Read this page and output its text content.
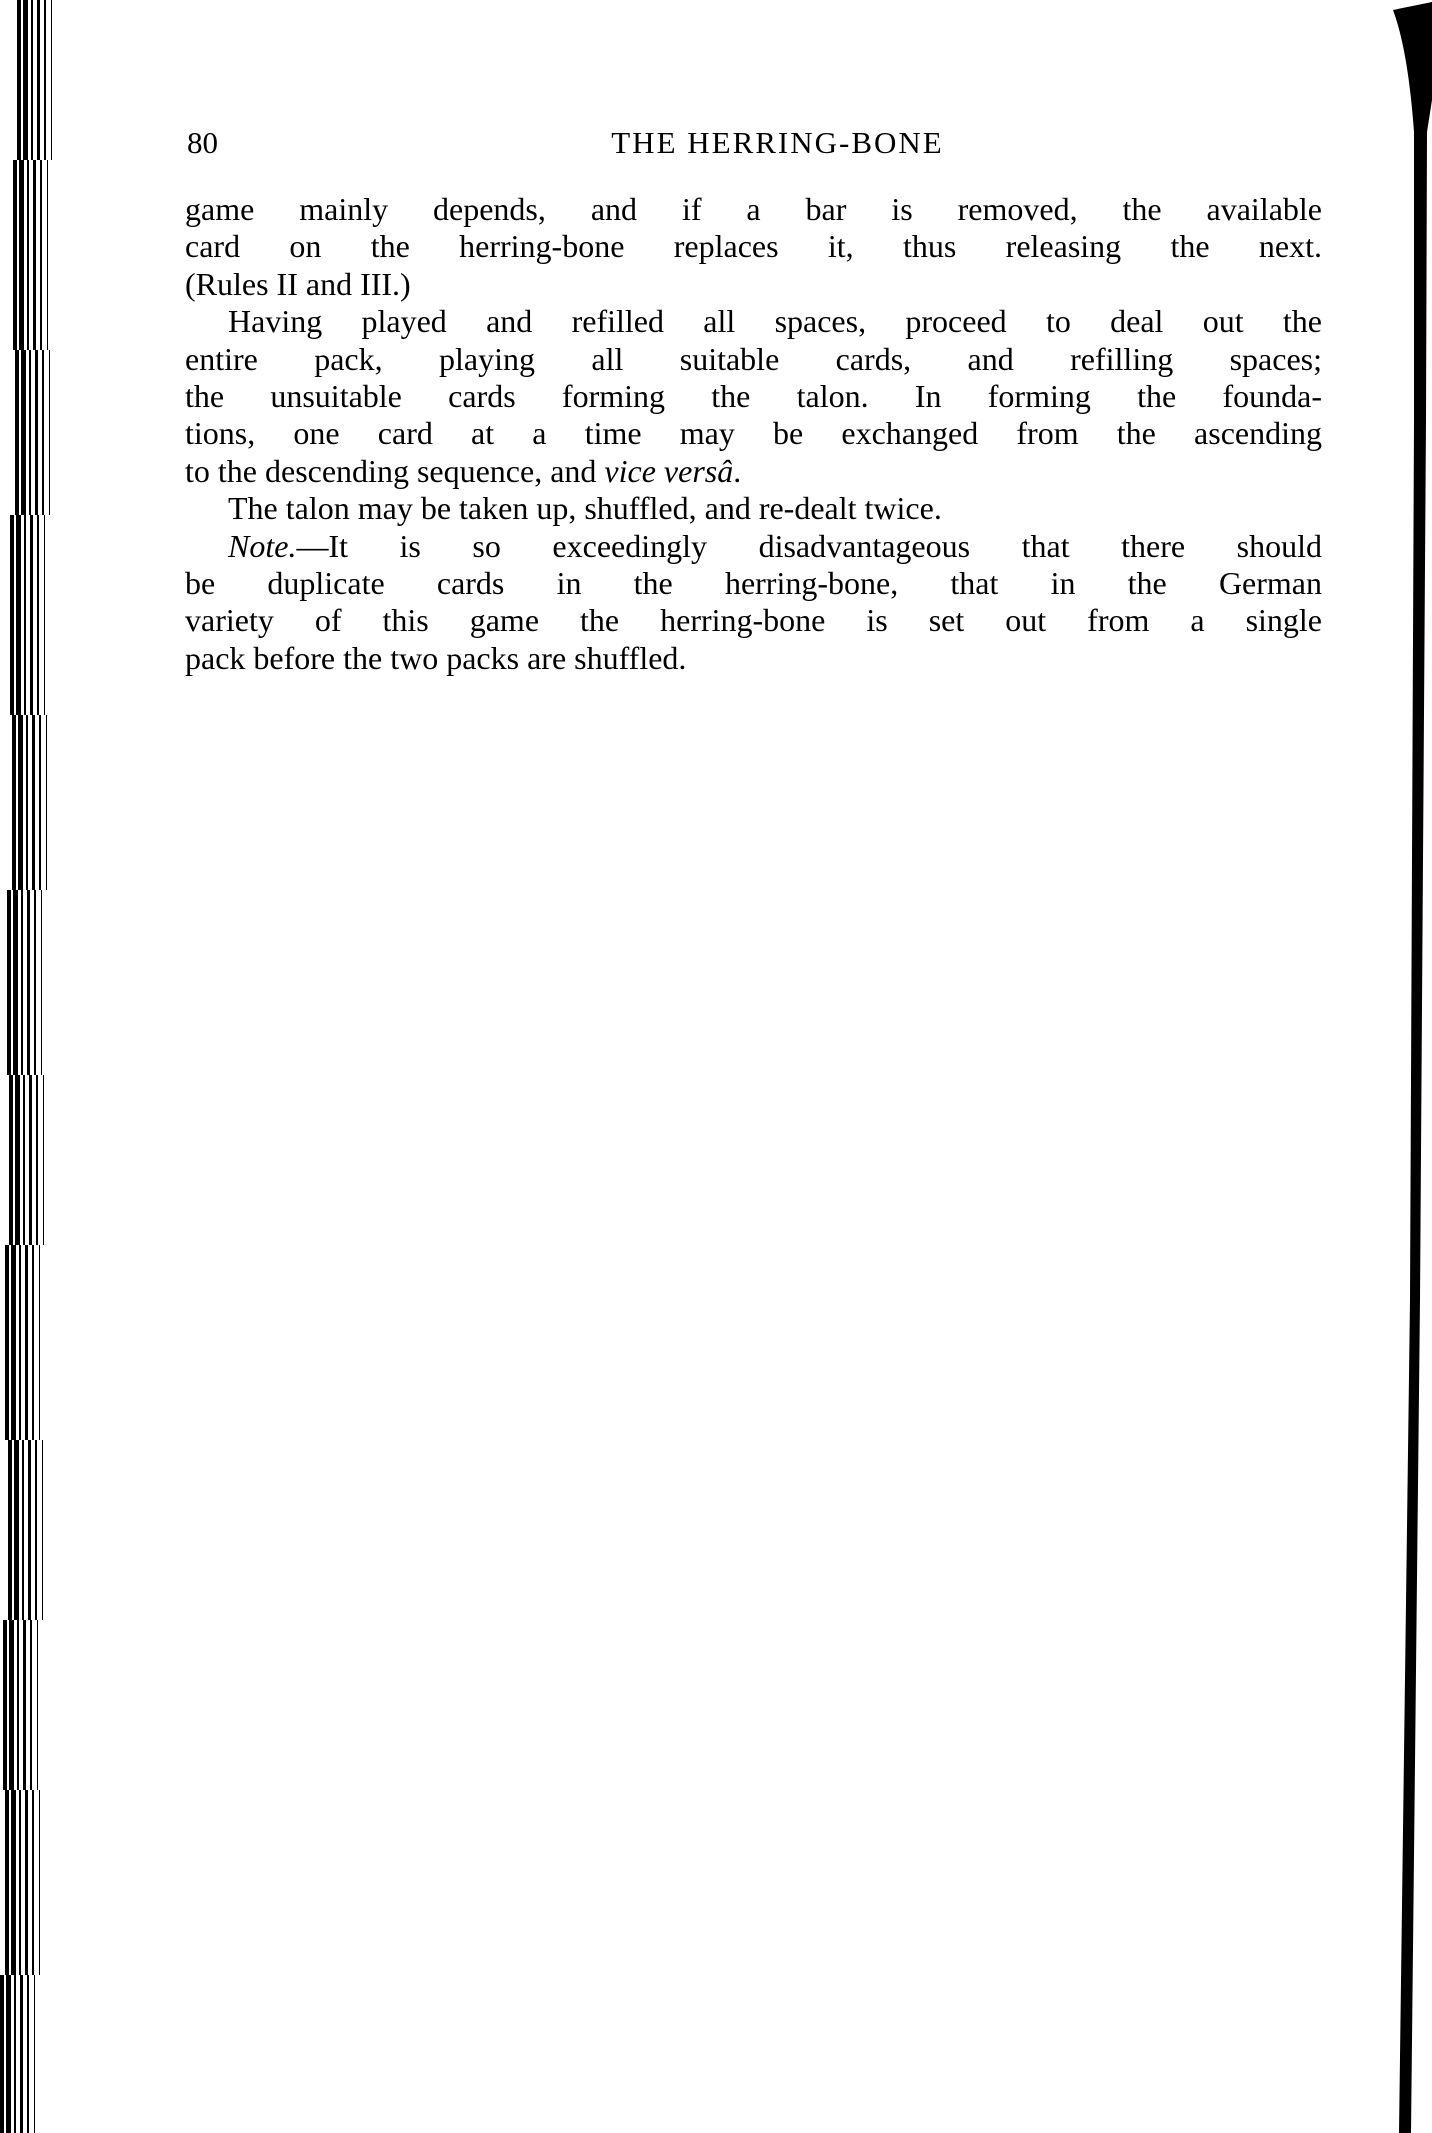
80	THE HERRING-BONE
game mainly depends, and if a bar is removed, the available
card on the herring-bone replaces it, thus releasing the next.
(Rules II and III.)
Having played and refilled all spaces, proceed to deal out the
entire pack, playing all suitable cards, and refilling spaces;
the unsuitable cards forming the talon. In forming the founda-
tions, one card at a time may be exchanged from the ascending
to the descending sequence, and vice versâ.
The talon may be taken up, shuffled, and re-dealt twice.
Note.—It is so exceedingly disadvantageous that there should
be duplicate cards in the herring-bone, that in the German
variety of this game the herring-bone is set out from a single
pack before the two packs are shuffled.
